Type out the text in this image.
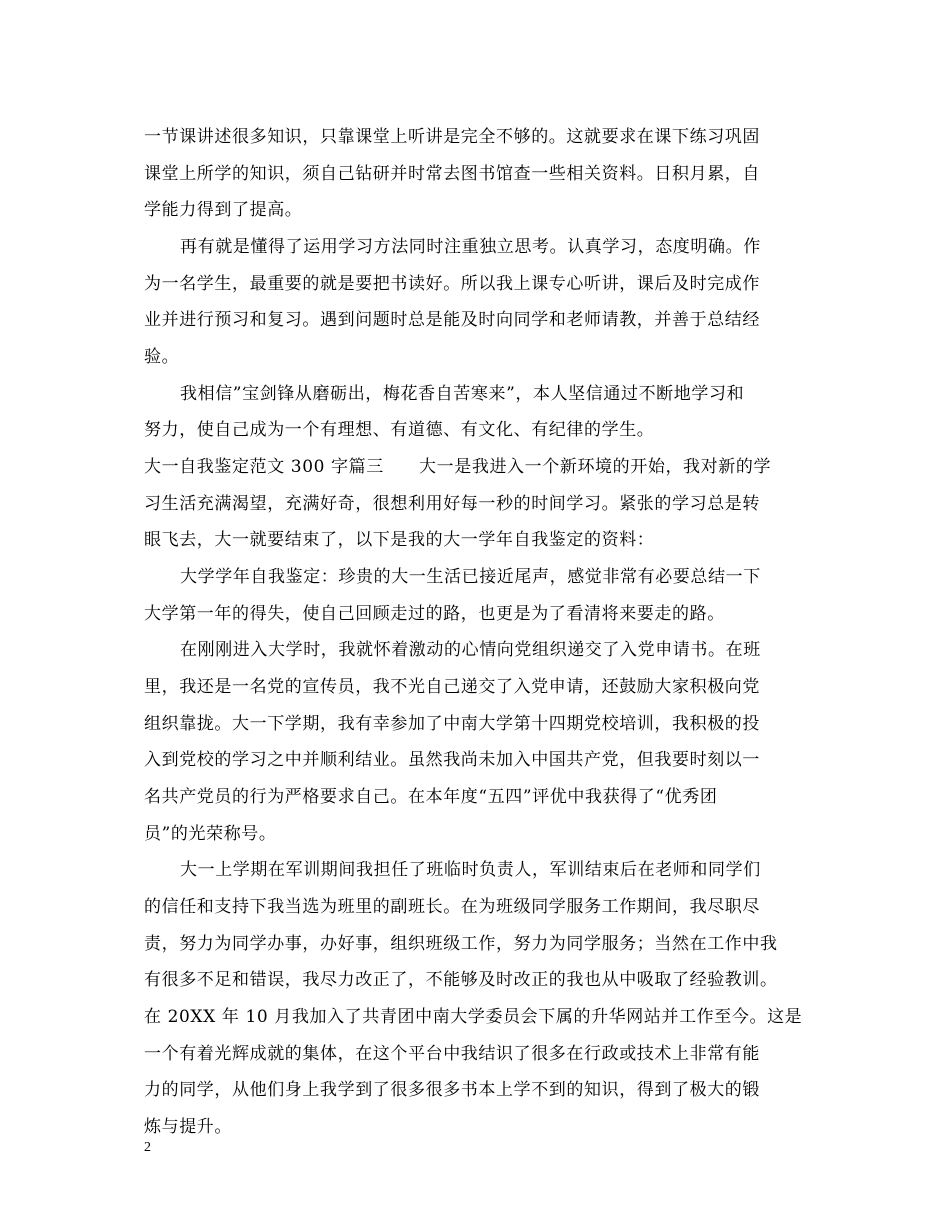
一节课讲述很多知识，只靠课堂上听讲是完全不够的。这就要求在课下练习巩固
课堂上所学的知识，须自己钻研并时常去图书馆查一些相关资料。日积月累，自
学能力得到了提高。
再有就是懂得了运用学习方法同时注重独立思考。认真学习，态度明确。作
为一名学生，最重要的就是要把书读好。所以我上课专心听讲，课后及时完成作
业并进行预习和复习。遇到问题时总是能及时向同学和老师请教，并善于总结经
验。
我相信”宝剑锋从磨砺出，梅花香自苦寒来”，本人坚信通过不断地学习和
努力，使自己成为一个有理想、有道德、有文化、有纪律的学生。
大一自我鉴定范文 300 字篇三　　大一是我进入一个新环境的开始，我对新的学
习生活充满渴望，充满好奇，很想利用好每一秒的时间学习。紧张的学习总是转
眼飞去，大一就要结束了，以下是我的大一学年自我鉴定的资料：
大学学年自我鉴定：珍贵的大一生活已接近尾声，感觉非常有必要总结一下
大学第一年的得失，使自己回顾走过的路，也更是为了看清将来要走的路。
在刚刚进入大学时，我就怀着激动的心情向党组织递交了入党申请书。在班
里，我还是一名党的宣传员，我不光自己递交了入党申请，还鼓励大家积极向党
组织靠拢。大一下学期，我有幸参加了中南大学第十四期党校培训，我积极的投
入到党校的学习之中并顺利结业。虽然我尚未加入中国共产党，但我要时刻以一
名共产党员的行为严格要求自己。在本年度“五四”评优中我获得了“优秀团
员”的光荣称号。
大一上学期在军训期间我担任了班临时负责人，军训结束后在老师和同学们
的信任和支持下我当选为班里的副班长。在为班级同学服务工作期间，我尽职尽
责，努力为同学办事，办好事，组织班级工作，努力为同学服务；当然在工作中我
有很多不足和错误，我尽力改正了，不能够及时改正的我也从中吸取了经验教训。
在 20XX 年 10 月我加入了共青团中南大学委员会下属的升华网站并工作至今。这是
一个有着光辉成就的集体，在这个平台中我结识了很多在行政或技术上非常有能
力的同学，从他们身上我学到了很多很多书本上学不到的知识，得到了极大的锻
炼与提升。
2
